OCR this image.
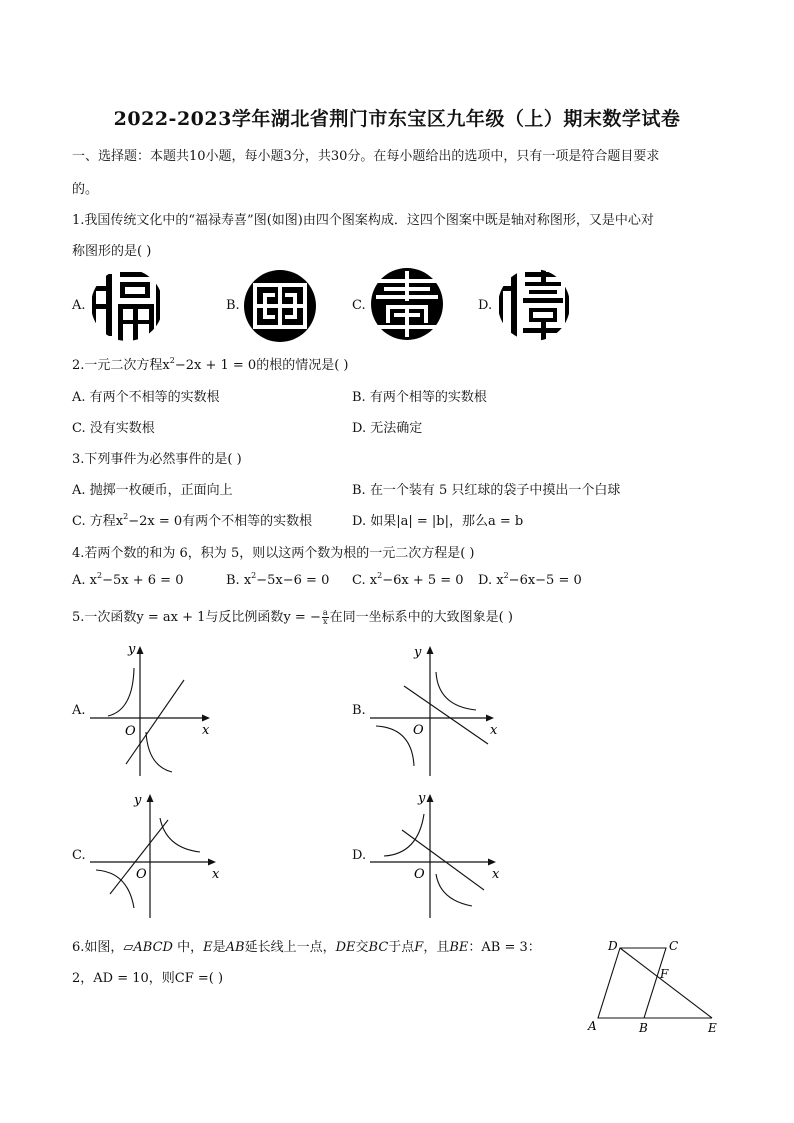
2022-2023学年湖北省荆门市东宝区九年级（上）期末数学试卷
一、选择题：本题共10小题，每小题3分，共30分。在每小题给出的选项中，只有一项是符合题目要求
的。
1.我国传统文化中的“福禄寿喜”图(如图)由四个图案构成．这四个图案中既是轴对称图形，又是中心对
称图形的是( )
A.	B.	C.	D.
2.一元二次方程$x^2-2x + 1 = 0$的根的情况是( )
A. 有两个不相等的实数根	B. 有两个相等的实数根
C. 没有实数根	D. 无法确定
3.下列事件为必然事件的是( )
A. 抛掷一枚硬币，正面向上	B. 在一个装有 5 只红球的袋子中摸出一个白球
C. 方程$x^2-2x = 0$有两个不相等的实数根	D. 如果|a| = |b|，那么a = b
4.若两个数的和为 6，积为 5，则以这两个数为根的一元二次方程是( )
A. $x^2-5x + 6 = 0$	B. $x^2-5x-6 = 0$ C. $x^2-6x + 5 = 0$ D. $x^2-6x-5 = 0$
5.一次函数y = ax + 1与反比例函数y = − $\frac{a}{x}$ 在同一坐标系中的大致图象是( )
A.
y
x
O
B.
y
x
O
C.
y
x
O
D.
y
x
O
6.如图，▱ABCD 中，E是AB延长线上一点，DE交BC于点F，且BE：AB = 3：
2，AD = 10，则CF =( )
D	C
F
A	B	E
